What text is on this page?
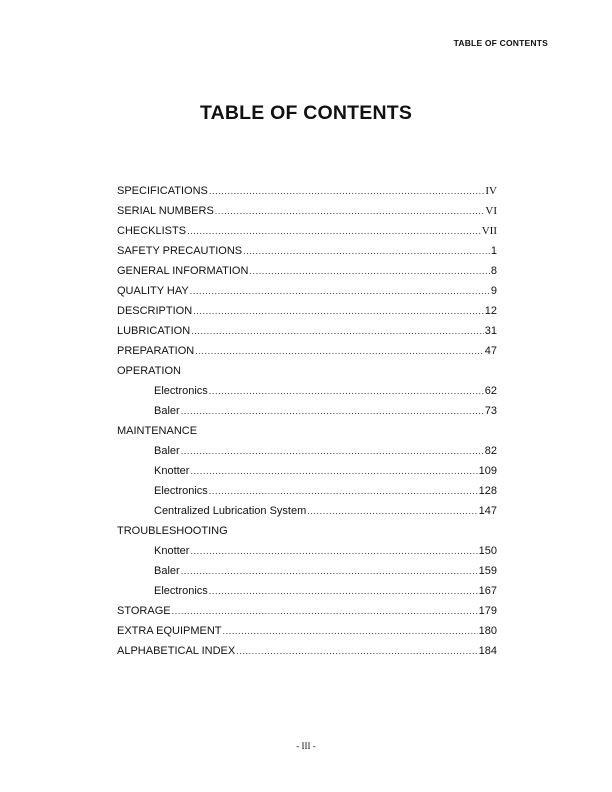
TABLE OF CONTENTS
TABLE OF CONTENTS
SPECIFICATIONS .....	IV
SERIAL NUMBERS .....	VI
CHECKLISTS .....	VII
SAFETY PRECAUTIONS .....	1
GENERAL INFORMATION .....	8
QUALITY HAY .....	9
DESCRIPTION .....	12
LUBRICATION .....	31
PREPARATION .....	47
OPERATION
Electronics .....	62
Baler .....	73
MAINTENANCE
Baler .....	82
Knotter .....	109
Electronics .....	128
Centralized Lubrication System .....	147
TROUBLESHOOTING
Knotter .....	150
Baler .....	159
Electronics .....	167
STORAGE .....	179
EXTRA EQUIPMENT .....	180
ALPHABETICAL INDEX .....	184
- III -
